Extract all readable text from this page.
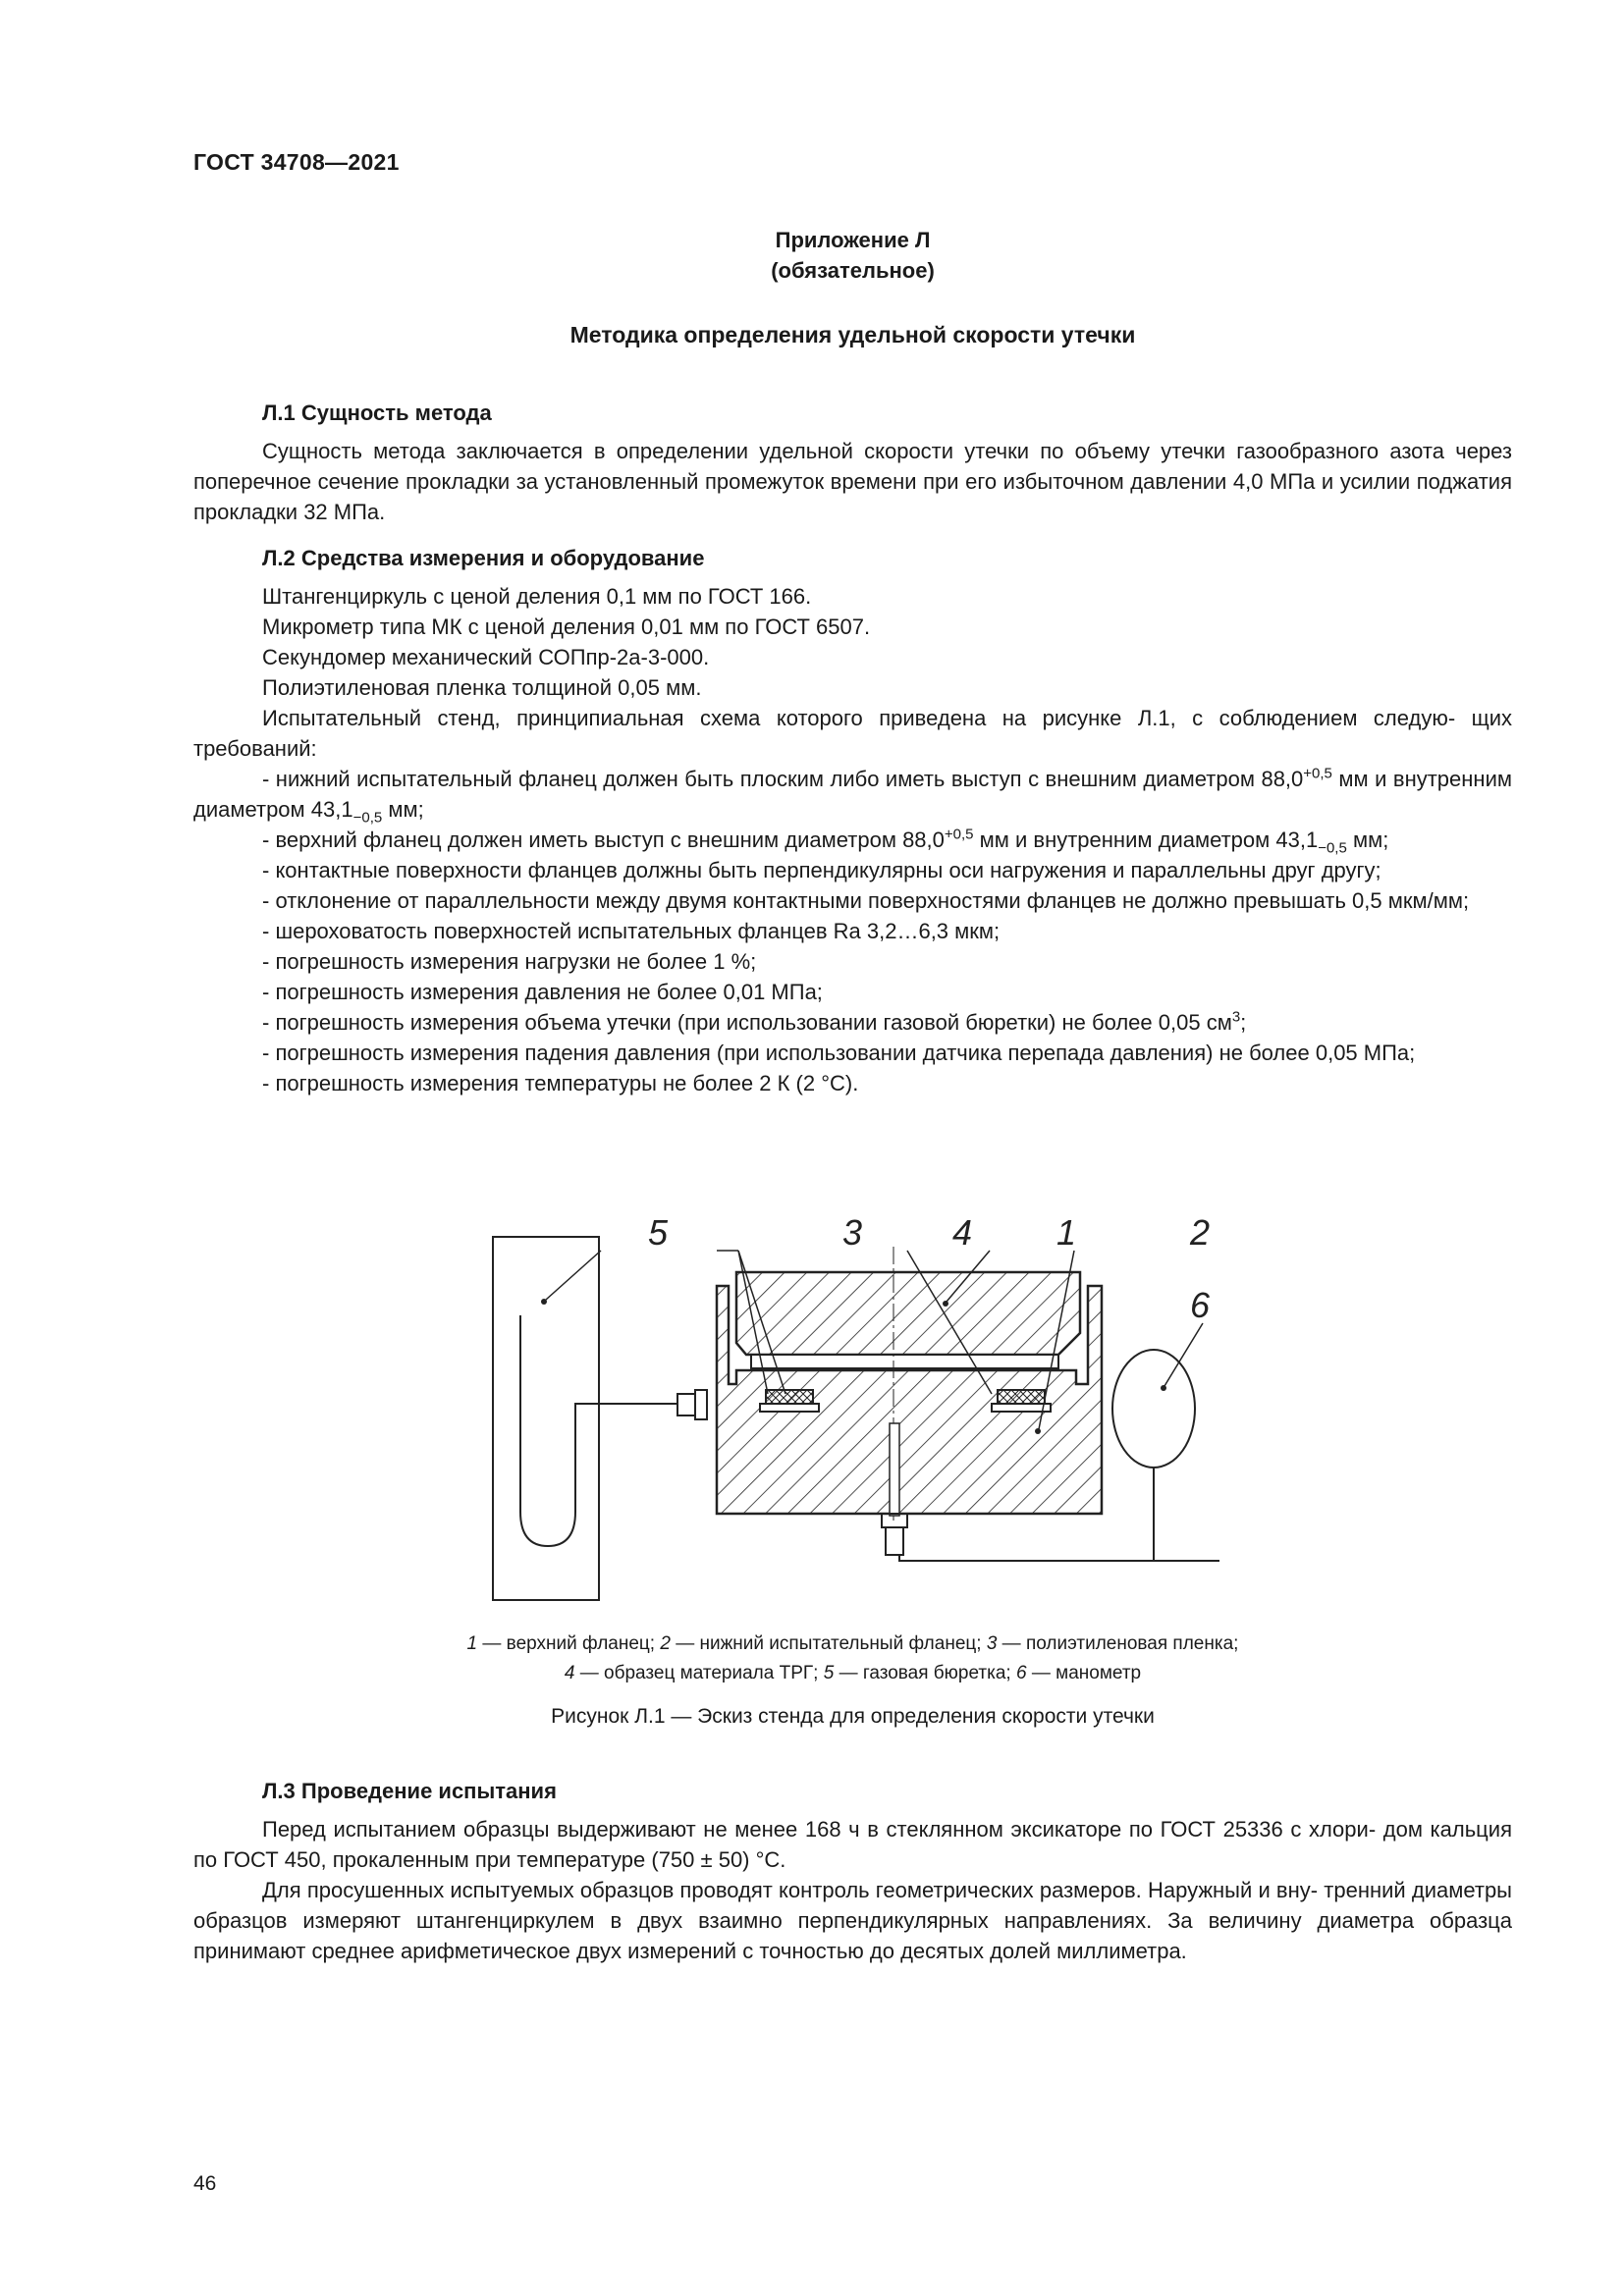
ГОСТ 34708—2021
Приложение Л
(обязательное)
Методика определения удельной скорости утечки
Л.1 Сущность метода

Сущность метода заключается в определении удельной скорости утечки по объему утечки газообразного азота через поперечное сечение прокладки за установленный промежуток времени при его избыточном давлении 4,0 МПа и усилии поджатия прокладки 32 МПа.

Л.2 Средства измерения и оборудование

Штангенциркуль с ценой деления 0,1 мм по ГОСТ 166.

Микрометр типа МК с ценой деления 0,01 мм по ГОСТ 6507.

Секундомер механический СОПпр-2а-3-000.

Полиэтиленовая пленка толщиной 0,05 мм.

Испытательный стенд, принципиальная схема которого приведена на рисунке Л.1, с соблюдением следую- щих требований:

- нижний испытательный фланец должен быть плоским либо иметь выступ с внешним диаметром $88,0^{+0,5}$ мм и внутренним диаметром $43,1_{-0,5}$ мм;

- верхний фланец должен иметь выступ с внешним диаметром $88,0^{+0,5}$ мм и внутренним диаметром $43,1_{-0,5}$ мм;

- контактные поверхности фланцев должны быть перпендикулярны оси нагружения и параллельны друг другу;

- отклонение от параллельности между двумя контактными поверхностями фланцев не должно превышать 0,5 мкм/мм;

- шероховатость поверхностей испытательных фланцев Ra 3,2…6,3 мкм;

- погрешность измерения нагрузки не более 1 %;

- погрешность измерения давления не более 0,01 МПа;

- погрешность измерения объема утечки (при использовании газовой бюретки) не более 0,05 $см^3$;

- погрешность измерения падения давления (при использовании датчика перепада давления) не более 0,05 МПа;

- погрешность измерения температуры не более 2 К (2 °C).

5	3	4 1	2
6
1 — верхний фланец; 2 — нижний испытательный фланец; 3 — полиэтиленовая пленка;
4 — образец материала ТРГ; 5 — газовая бюретка; 6 — манометр
Рисунок Л.1 — Эскиз стенда для определения скорости утечки
Л.3 Проведение испытания

Перед испытанием образцы выдерживают не менее 168 ч в стеклянном эксикаторе по ГОСТ 25336 с хлори- дом кальция по ГОСТ 450, прокаленным при температуре (750 ± 50) °C.

Для просушенных испытуемых образцов проводят контроль геометрических размеров. Наружный и вну- тренний диаметры образцов измеряют штангенциркулем в двух взаимно перпендикулярных направлениях. За величину диаметра образца принимают среднее арифметическое двух измерений с точностью до десятых долей миллиметра.

46
